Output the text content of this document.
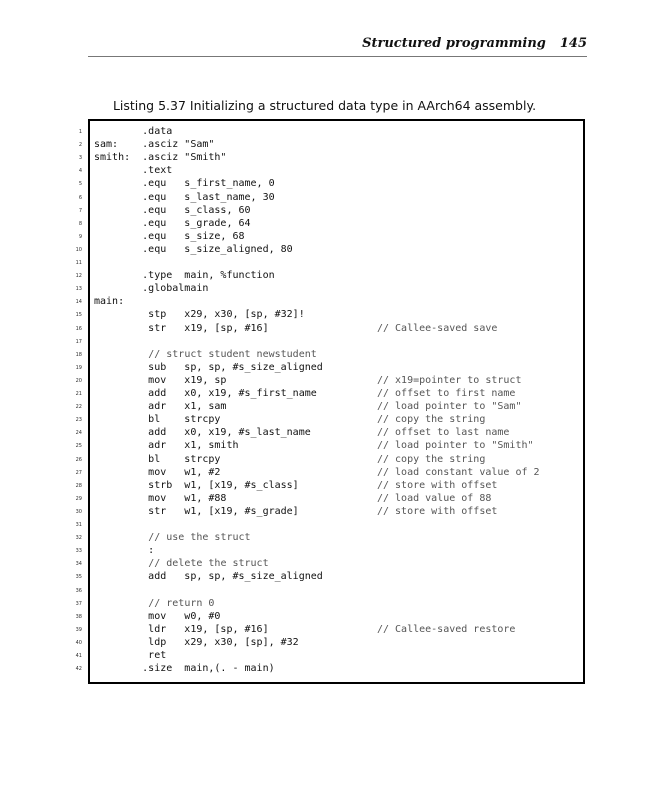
Structured programming 145
Listing 5.37 Initializing a structured data type in AArch64 assembly.
1 .data
2 sam:    .asciz "Sam"
3 smith:  .asciz "Smith"
4 .text
5 .equ   s_first_name, 0
6 .equ   s_last_name, 30
7 .equ   s_class, 60
8 .equ   s_grade, 64
9 .equ   s_size, 68
10 .equ   s_size_aligned, 80
11
12 .type  main, %function
13 .globalmain
14 main:
15 stp   x29, x30, [sp, #32]!
16 str   x19, [sp, #16]                  // Callee-saved save
17
18	// struct student newstudent
19 sub   sp, sp, #s_size_aligned
20 mov   x19, sp                         // x19=pointer to struct
21 add   x0, x19, #s_first_name          // offset to first name
22 adr   x1, sam                         // load pointer to "Sam"
23 bl    strcpy                          // copy the string
24 add   x0, x19, #s_last_name           // offset to last name
25 adr   x1, smith                       // load pointer to "Smith"
26 bl    strcpy                          // copy the string
27 mov   w1, #2                          // load constant value of 2
28 strb  w1, [x19, #s_class]             // store with offset
29 mov   w1, #88                         // load value of 88
30 str   w1, [x19, #s_grade]             // store with offset
31
32	// use the struct
33 :
34	// delete the struct
35 add   sp, sp, #s_size_aligned
36
37	// return 0
38 mov   w0, #0
39 ldr   x19, [sp, #16]                  // Callee-saved restore
40 ldp   x29, x30, [sp], #32
41 ret
42 .size  main,(. - main)
